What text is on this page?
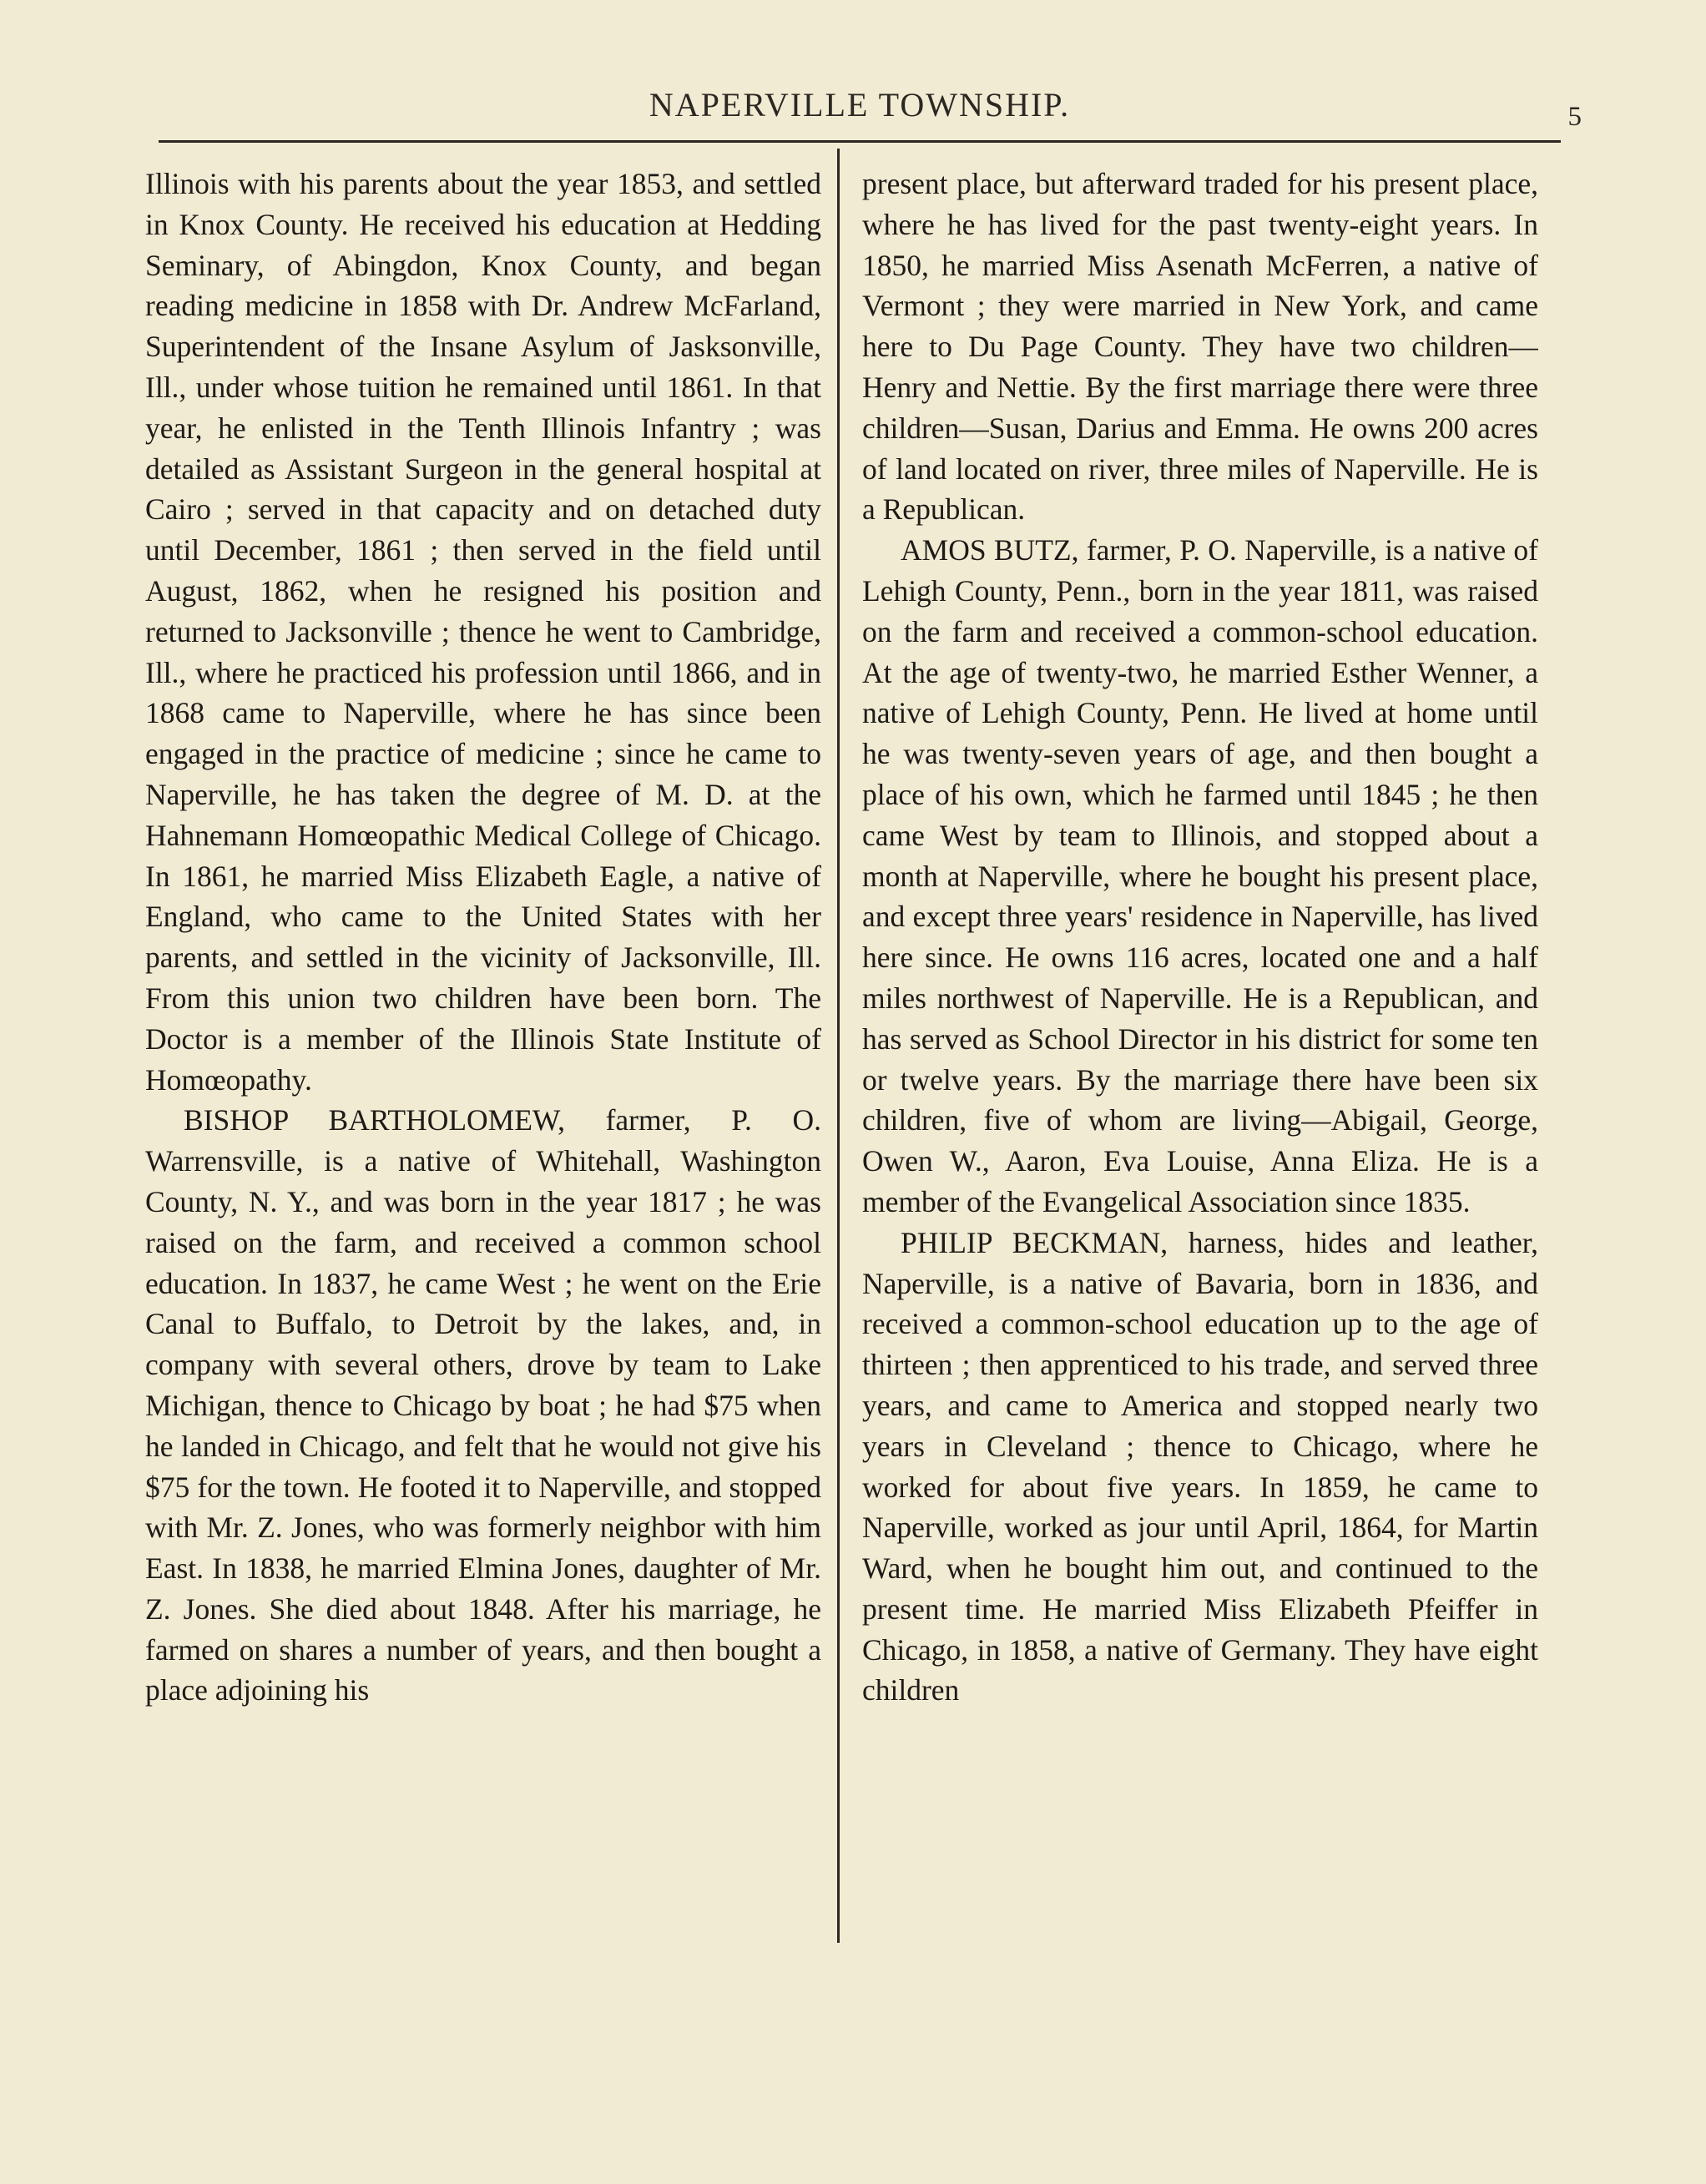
NAPERVILLE TOWNSHIP.	5

Illinois with his parents about the year 1853, and settled in Knox County. He received his education at Hedding Seminary, of Abingdon, Knox County, and began reading medicine in 1858 with Dr. Andrew McFarland, Superintendent of the Insane Asylum of Jasksonville, Ill., under whose tuition he remained until 1861. In that year, he enlisted in the Tenth Illinois Infantry ; was detailed as Assistant Surgeon in the general hospital at Cairo ; served in that capacity and on detached duty until December, 1861 ; then served in the field until August, 1862, when he resigned his position and returned to Jacksonville ; thence he went to Cambridge, Ill., where he practiced his profession until 1866, and in 1868 came to Naperville, where he has since been engaged in the practice of medicine ; since he came to Naperville, he has taken the degree of M. D. at the Hahnemann Homœopathic Medical College of Chicago. In 1861, he married Miss Elizabeth Eagle, a native of England, who came to the United States with her parents, and settled in the vicinity of Jacksonville, Ill. From this union two children have been born. The Doctor is a member of the Illinois State Institute of Homœopathy.

BISHOP BARTHOLOMEW, farmer, P. O. Warrensville, is a native of Whitehall, Washington County, N. Y., and was born in the year 1817 ; he was raised on the farm, and received a common school education. In 1837, he came West ; he went on the Erie Canal to Buffalo, to Detroit by the lakes, and, in company with several others, drove by team to Lake Michigan, thence to Chicago by boat ; he had $75 when he landed in Chicago, and felt that he would not give his $75 for the town. He footed it to Naperville, and stopped with Mr. Z. Jones, who was formerly neighbor with him East. In 1838, he married Elmina Jones, daughter of Mr. Z. Jones. She died about 1848. After his marriage, he farmed on shares a number of years, and then bought a place adjoining his

present place, but afterward traded for his present place, where he has lived for the past twenty-eight years. In 1850, he married Miss Asenath McFerren, a native of Vermont ; they were married in New York, and came here to Du Page County. They have two children—Henry and Nettie. By the first marriage there were three children—Susan, Darius and Emma. He owns 200 acres of land located on river, three miles of Naperville. He is a Republican.

AMOS BUTZ, farmer, P. O. Naperville, is a native of Lehigh County, Penn., born in the year 1811, was raised on the farm and received a common-school education. At the age of twenty-two, he married Esther Wenner, a native of Lehigh County, Penn. He lived at home until he was twenty-seven years of age, and then bought a place of his own, which he farmed until 1845 ; he then came West by team to Illinois, and stopped about a month at Naperville, where he bought his present place, and except three years' residence in Naperville, has lived here since. He owns 116 acres, located one and a half miles northwest of Naperville. He is a Republican, and has served as School Director in his district for some ten or twelve years. By the marriage there have been six children, five of whom are living—Abigail, George, Owen W., Aaron, Eva Louise, Anna Eliza. He is a member of the Evangelical Association since 1835.

PHILIP BECKMAN, harness, hides and leather, Naperville, is a native of Bavaria, born in 1836, and received a common-school education up to the age of thirteen ; then apprenticed to his trade, and served three years, and came to America and stopped nearly two years in Cleveland ; thence to Chicago, where he worked for about five years. In 1859, he came to Naperville, worked as jour until April, 1864, for Martin Ward, when he bought him out, and continued to the present time. He married Miss Elizabeth Pfeiffer in Chicago, in 1858, a native of Germany. They have eight children
